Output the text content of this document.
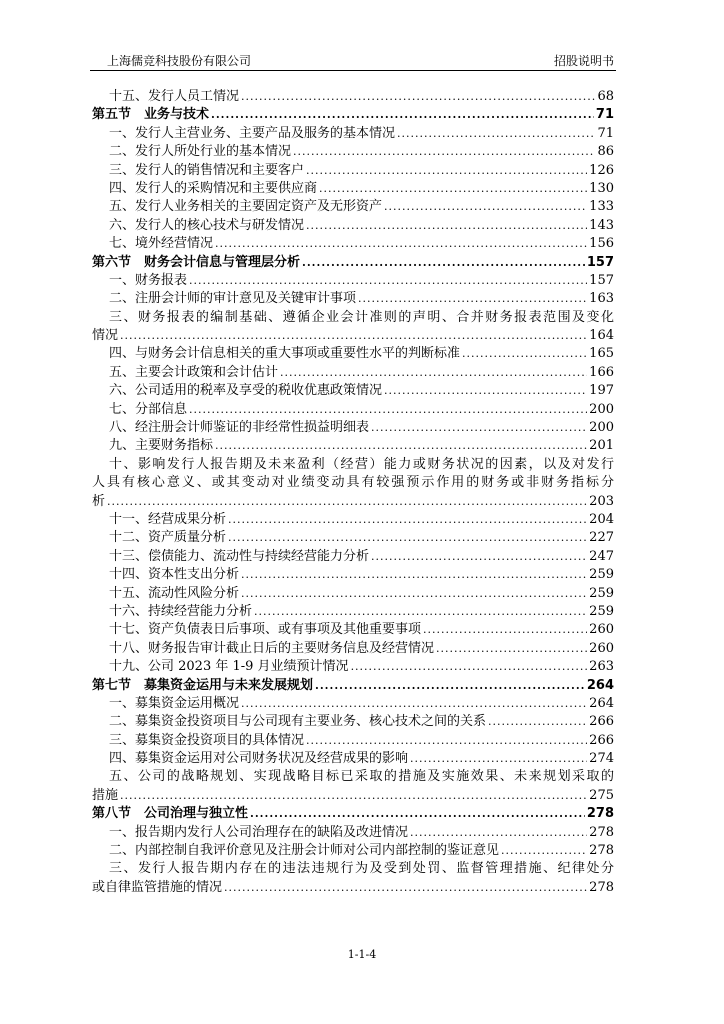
上海儒竞科技股份有限公司	招股说明书
十五、发行人员工情况 .....	68
第五节　业务与技术 .....	71
一、发行人主营业务、主要产品及服务的基本情况 .....	71
二、发行人所处行业的基本情况 .....	86
三、发行人的销售情况和主要客户 .....	126
四、发行人的采购情况和主要供应商 .....	130
五、发行人业务相关的主要固定资产及无形资产 .....	133
六、发行人的核心技术与研发情况 .....	143
七、境外经营情况 .....	156
第六节　财务会计信息与管理层分析 .....	157
一、财务报表 .....	157
二、注册会计师的审计意见及关键审计事项 .....	163
三、财务报表的编制基础、遵循企业会计准则的声明、合并财务报表范围及变化
情况 .....	164
四、与财务会计信息相关的重大事项或重要性水平的判断标准 .....	165
五、主要会计政策和会计估计 .....	166
六、公司适用的税率及享受的税收优惠政策情况 .....	197
七、分部信息 .....	200
八、经注册会计师鉴证的非经常性损益明细表 .....	200
九、主要财务指标 .....	201
十、影响发行人报告期及未来盈利（经营）能力或财务状况的因素，以及对发行
人具有核心意义、或其变动对业绩变动具有较强预示作用的财务或非财务指标分
析 .....	203
十一、经营成果分析 .....	204
十二、资产质量分析 .....	227
十三、偿债能力、流动性与持续经营能力分析 .....	247
十四、资本性支出分析 .....	259
十五、流动性风险分析 .....	259
十六、持续经营能力分析 .....	259
十七、资产负债表日后事项、或有事项及其他重要事项 .....	260
十八、财务报告审计截止日后的主要财务信息及经营情况 .....	260
十九、公司 2023 年 1-9 月业绩预计情况 .....	263
第七节　募集资金运用与未来发展规划 .....	264
一、募集资金运用概况 .....	264
二、募集资金投资项目与公司现有主要业务、核心技术之间的关系 .....	266
三、募集资金投资项目的具体情况 .....	266
四、募集资金运用对公司财务状况及经营成果的影响 .....	274
五、公司的战略规划、实现战略目标已采取的措施及实施效果、未来规划采取的
措施 .....	275
第八节　公司治理与独立性 .....	278
一、报告期内发行人公司治理存在的缺陷及改进情况 .....	278
二、内部控制自我评价意见及注册会计师对公司内部控制的鉴证意见 .....	278
三、发行人报告期内存在的违法违规行为及受到处罚、监督管理措施、纪律处分
或自律监管措施的情况 .....	278
1-1-4
